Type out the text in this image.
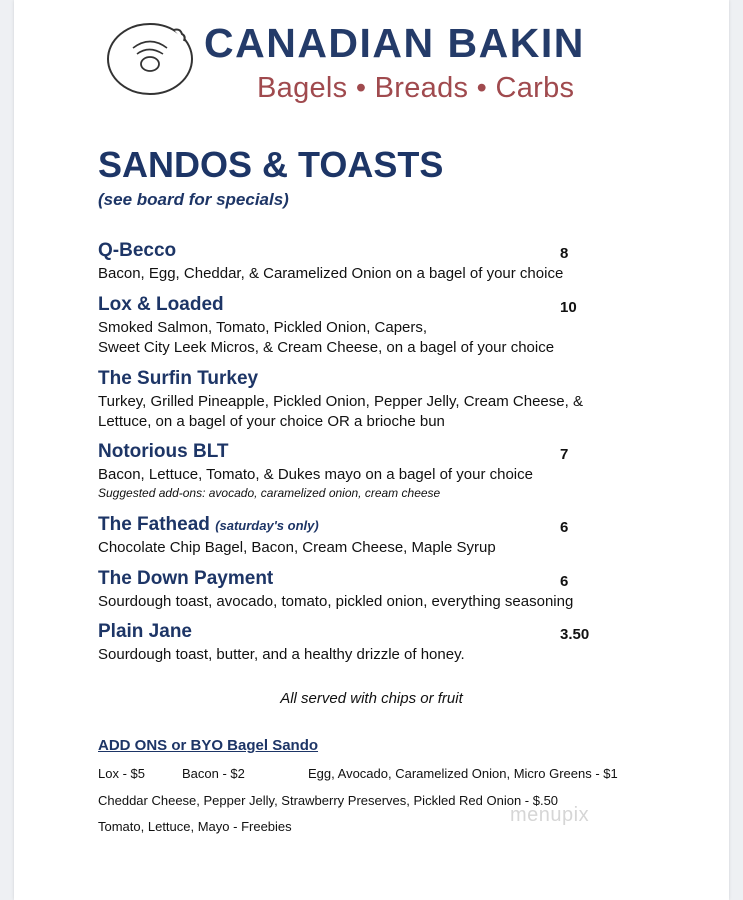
CANADIAN BAKIN
Bagels • Breads • Carbs
SANDOS & TOASTS
(see board for specials)
Q-Becco	8
Bacon, Egg, Cheddar, & Caramelized Onion on a bagel of your choice
Lox & Loaded	10
Smoked Salmon, Tomato, Pickled Onion, Capers,
Sweet City Leek Micros, & Cream Cheese, on a bagel of your choice
The Surfin Turkey
Turkey, Grilled Pineapple, Pickled Onion, Pepper Jelly, Cream Cheese, &
Lettuce, on a bagel of your choice OR a brioche bun
Notorious BLT	7
Bacon, Lettuce, Tomato, & Dukes mayo on a bagel of your choice
Suggested add-ons: avocado, caramelized onion, cream cheese
The Fathead (saturday's only)	6
Chocolate Chip Bagel, Bacon, Cream Cheese, Maple Syrup
The Down Payment	6
Sourdough toast, avocado, tomato, pickled onion, everything seasoning
Plain Jane	3.50
Sourdough toast, butter, and a healthy drizzle of honey.
All served with chips or fruit
ADD ONS or BYO Bagel Sando
Lox - $5	Bacon - $2	Egg, Avocado, Caramelized Onion, Micro Greens - $1
Cheddar Cheese, Pepper Jelly, Strawberry Preserves, Pickled Red Onion - $.50
Tomato, Lettuce, Mayo - Freebies
menupix
